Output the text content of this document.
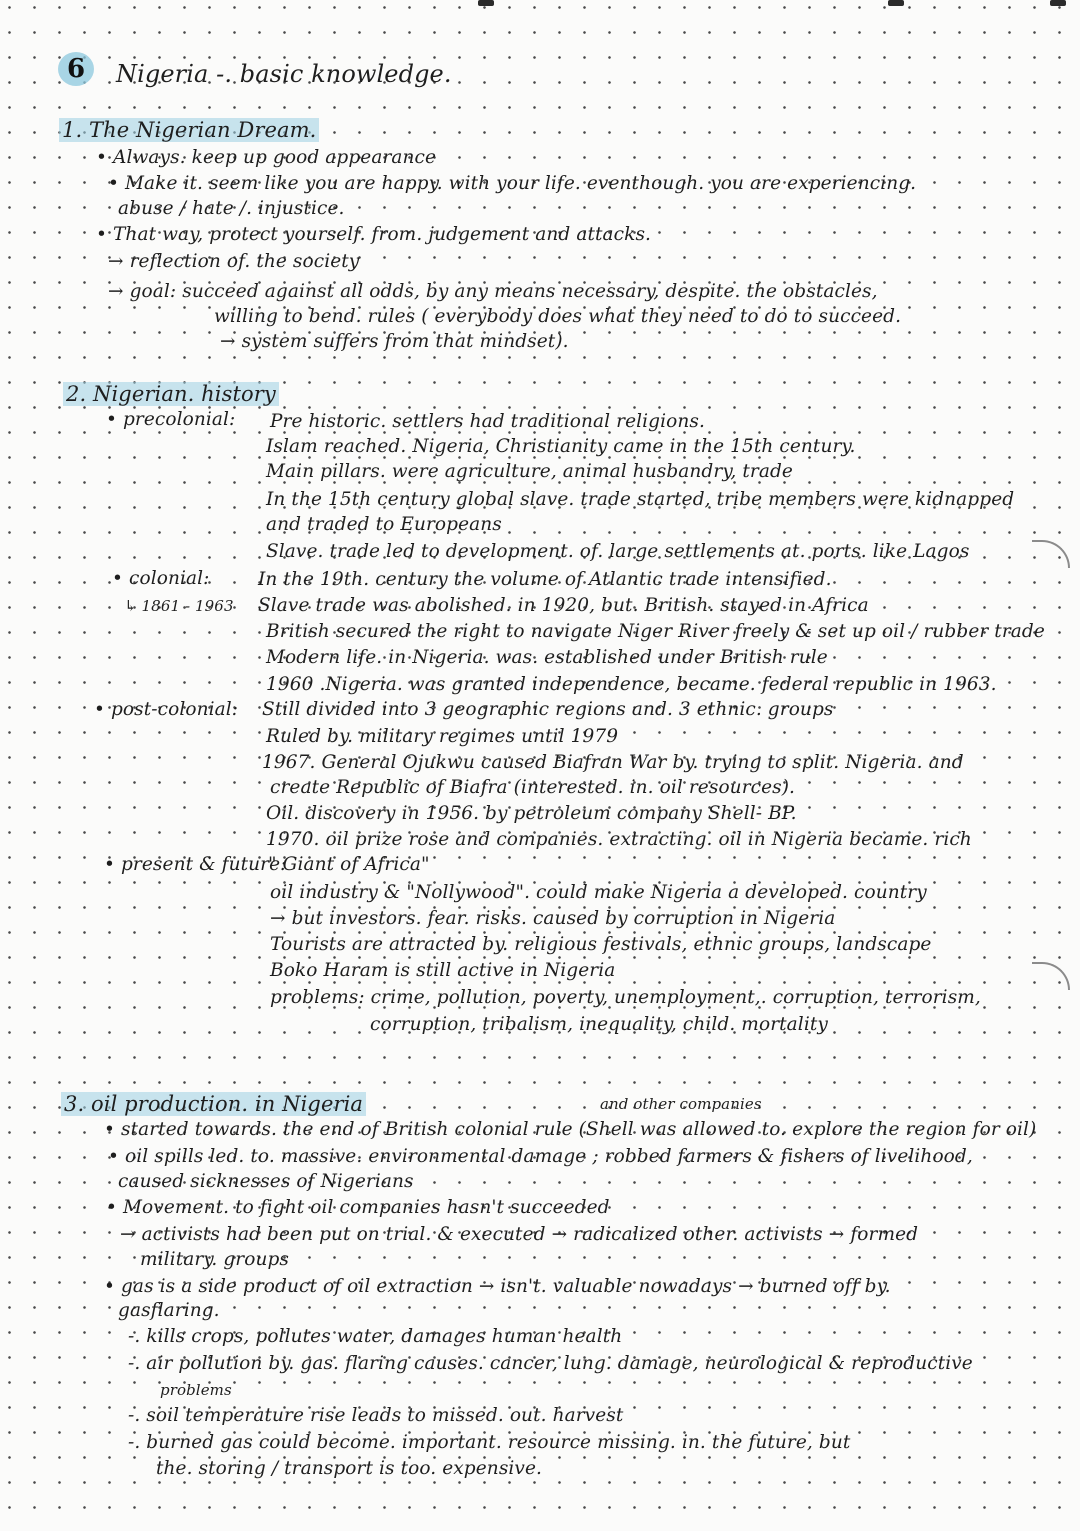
6	Nigeria -. basic knowledge.
1. The Nigerian Dream.
• Always. keep up good appearance
• Make it. seem like you are happy. with your life. eventhough. you are experiencing.
abuse / hate /. injustice.
• That way, protect yourself. from. judgement and attacks.
→ reflection of. the society
→ goal: succeed against all odds, by any means necessary, despite. the obstacles,
willing to bend. rules ( everybody does what they need to do to succeed.
→ system suffers from that mindset).
2. Nigerian. history
• precolonial: Pre historic. settlers had traditional religions.
Islam reached. Nigeria, Christianity came in the 15th century.
Main pillars. were agriculture, animal husbandry, trade
In the 15th century global slave. trade started, tribe members were kidnapped
and traded to Europeans
Slave. trade led to development. of. large settlements at. ports. like Lagos
• colonial:
↳ 1861 - 1963
In the 19th. century the volume of Atlantic trade intensified.
Slave trade was abolished. in 1920, but. British. stayed in Africa
British secured the right to navigate Niger River freely & set up oil / rubber trade
Modern life. in Nigeria. was. established under British rule
1960 .Nigeria. was granted independence, became. federal republic in 1963.
• post-colonial: Still divided into 3 geographic regions and. 3 ethnic. groups
Ruled by. military regimes until 1979
1967. General Ojukwu caused Biafran War by. trying to split. Nigeria. and
create Republic of Biafra (interested. in. oil resources).
Oil. discovery in 1956. by petroleum company Shell- BP.
1970. oil prize rose and companies. extracting. oil in Nigeria became. rich
• present & future:
" Giant of Africa"
oil industry & "Nollywood". could make Nigeria a developed. country
→ but investors. fear. risks. caused by corruption in Nigeria
Tourists are attracted by. religious festivals, ethnic groups, landscape
Boko Haram is still active in Nigeria
problems: crime, pollution, poverty, unemployment,. corruption, terrorism,
corruption, tribalism, inequality, child. mortality
and other companies
3. oil production. in Nigeria
• started towards. the end of British colonial rule (Shell was allowed to. explore the region for oil)
• oil spills led. to. massive. environmental damage ; robbed farmers & fishers of livelihood,
caused sicknesses of Nigerians
• Movement. to fight oil companies hasn't succeeded
→ activists had been put on trial. & executed → radicalized other. activists → formed
military. groups
• gas is a side product of oil extraction → isn't. valuable nowadays → burned off by.
gasflaring.
-. kills crops, pollutes water, damages human health
-. air pollution by. gas. flaring causes. cancer, lung. damage, neurological & reproductive
problems
-. soil temperature rise leads to missed. out. harvest
-. burned gas could become. important. resource missing. in. the future, but
the. storing / transport is too. expensive.
